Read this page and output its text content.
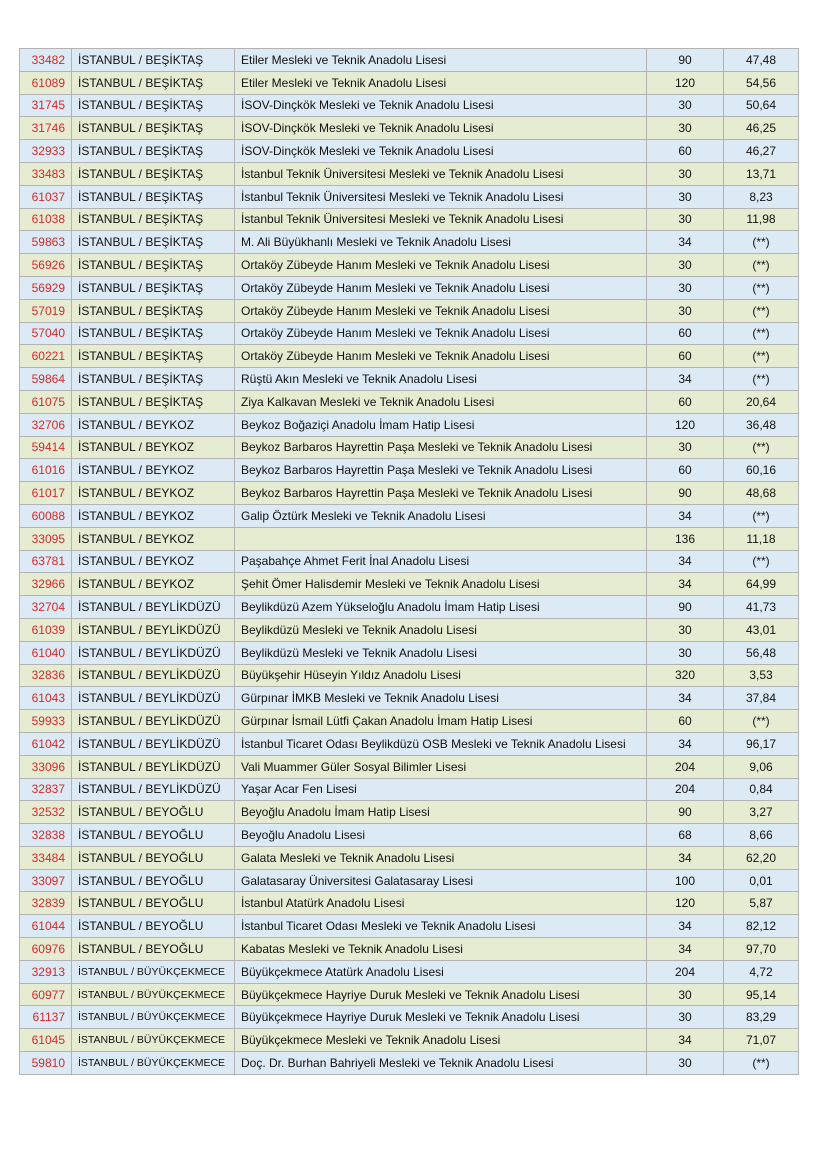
33482	İSTANBUL / BEŞİKTAŞ	Etiler Mesleki ve Teknik Anadolu Lisesi	90	47,48
61089	İSTANBUL / BEŞİKTAŞ	Etiler Mesleki ve Teknik Anadolu Lisesi	120	54,56
31745	İSTANBUL / BEŞİKTAŞ	İSOV-Dinçkök Mesleki ve Teknik Anadolu Lisesi	30	50,64
31746	İSTANBUL / BEŞİKTAŞ	İSOV-Dinçkök Mesleki ve Teknik Anadolu Lisesi	30	46,25
32933	İSTANBUL / BEŞİKTAŞ	İSOV-Dinçkök Mesleki ve Teknik Anadolu Lisesi	60	46,27
33483	İSTANBUL / BEŞİKTAŞ	İstanbul Teknik Üniversitesi Mesleki ve Teknik Anadolu Lisesi	30	13,71
61037	İSTANBUL / BEŞİKTAŞ	İstanbul Teknik Üniversitesi Mesleki ve Teknik Anadolu Lisesi	30	8,23
61038	İSTANBUL / BEŞİKTAŞ	İstanbul Teknik Üniversitesi Mesleki ve Teknik Anadolu Lisesi	30	11,98
59863	İSTANBUL / BEŞİKTAŞ	M. Ali Büyükhanlı Mesleki ve Teknik Anadolu Lisesi	34	(**)
56926	İSTANBUL / BEŞİKTAŞ	Ortaköy Zübeyde Hanım Mesleki ve Teknik Anadolu Lisesi	30	(**)
56929	İSTANBUL / BEŞİKTAŞ	Ortaköy Zübeyde Hanım Mesleki ve Teknik Anadolu Lisesi	30	(**)
57019	İSTANBUL / BEŞİKTAŞ	Ortaköy Zübeyde Hanım Mesleki ve Teknik Anadolu Lisesi	30	(**)
57040	İSTANBUL / BEŞİKTAŞ	Ortaköy Zübeyde Hanım Mesleki ve Teknik Anadolu Lisesi	60	(**)
60221	İSTANBUL / BEŞİKTAŞ	Ortaköy Zübeyde Hanım Mesleki ve Teknik Anadolu Lisesi	60	(**)
59864	İSTANBUL / BEŞİKTAŞ	Rüştü Akın Mesleki ve Teknik Anadolu Lisesi	34	(**)
61075	İSTANBUL / BEŞİKTAŞ	Ziya Kalkavan Mesleki ve Teknik Anadolu Lisesi	60	20,64
32706	İSTANBUL / BEYKOZ	Beykoz Boğaziçi Anadolu İmam Hatip Lisesi	120	36,48
59414	İSTANBUL / BEYKOZ	Beykoz Barbaros Hayrettin Paşa Mesleki ve Teknik Anadolu Lisesi	30	(**)
61016	İSTANBUL / BEYKOZ	Beykoz Barbaros Hayrettin Paşa Mesleki ve Teknik Anadolu Lisesi	60	60,16
61017	İSTANBUL / BEYKOZ	Beykoz Barbaros Hayrettin Paşa Mesleki ve Teknik Anadolu Lisesi	90	48,68
60088	İSTANBUL / BEYKOZ	Galip Öztürk Mesleki ve Teknik Anadolu Lisesi	34	(**)
33095	İSTANBUL / BEYKOZ		136	11,18
63781	İSTANBUL / BEYKOZ	Paşabahçe Ahmet Ferit İnal Anadolu Lisesi	34	(**)
32966	İSTANBUL / BEYKOZ	Şehit Ömer Halisdemir Mesleki ve Teknik Anadolu Lisesi	34	64,99
32704	İSTANBUL / BEYLİKDÜZÜ	Beylikdüzü Azem Yükseloğlu Anadolu İmam Hatip Lisesi	90	41,73
61039	İSTANBUL / BEYLİKDÜZÜ	Beylikdüzü Mesleki ve Teknik Anadolu Lisesi	30	43,01
61040	İSTANBUL / BEYLİKDÜZÜ	Beylikdüzü Mesleki ve Teknik Anadolu Lisesi	30	56,48
32836	İSTANBUL / BEYLİKDÜZÜ	Büyükşehir Hüseyin Yıldız Anadolu Lisesi	320	3,53
61043	İSTANBUL / BEYLİKDÜZÜ	Gürpınar İMKB Mesleki ve Teknik Anadolu Lisesi	34	37,84
59933	İSTANBUL / BEYLİKDÜZÜ	Gürpınar İsmail Lütfi Çakan Anadolu İmam Hatip Lisesi	60	(**)
61042	İSTANBUL / BEYLİKDÜZÜ	İstanbul Ticaret Odası Beylikdüzü OSB Mesleki ve Teknik Anadolu Lisesi	34	96,17
33096	İSTANBUL / BEYLİKDÜZÜ	Vali Muammer Güler Sosyal Bilimler Lisesi	204	9,06
32837	İSTANBUL / BEYLİKDÜZÜ	Yaşar Acar Fen Lisesi	204	0,84
32532	İSTANBUL / BEYOĞLU	Beyoğlu Anadolu İmam Hatip Lisesi	90	3,27
32838	İSTANBUL / BEYOĞLU	Beyoğlu Anadolu Lisesi	68	8,66
33484	İSTANBUL / BEYOĞLU	Galata Mesleki ve Teknik Anadolu Lisesi	34	62,20
33097	İSTANBUL / BEYOĞLU	Galatasaray Üniversitesi Galatasaray Lisesi	100	0,01
32839	İSTANBUL / BEYOĞLU	İstanbul Atatürk Anadolu Lisesi	120	5,87
61044	İSTANBUL / BEYOĞLU	İstanbul Ticaret Odası Mesleki ve Teknik Anadolu Lisesi	34	82,12
60976	İSTANBUL / BEYOĞLU	Kabatas Mesleki ve Teknik Anadolu Lisesi	34	97,70
32913	İSTANBUL / BÜYÜKÇEKMECE	Büyükçekmece Atatürk Anadolu Lisesi	204	4,72
60977	İSTANBUL / BÜYÜKÇEKMECE	Büyükçekmece Hayriye Duruk Mesleki ve Teknik Anadolu Lisesi	30	95,14
61137	İSTANBUL / BÜYÜKÇEKMECE	Büyükçekmece Hayriye Duruk Mesleki ve Teknik Anadolu Lisesi	30	83,29
61045	İSTANBUL / BÜYÜKÇEKMECE	Büyükçekmece Mesleki ve Teknik Anadolu Lisesi	34	71,07
59810	İSTANBUL / BÜYÜKÇEKMECE	Doç. Dr. Burhan Bahriyeli Mesleki ve Teknik Anadolu Lisesi	30	(**)
